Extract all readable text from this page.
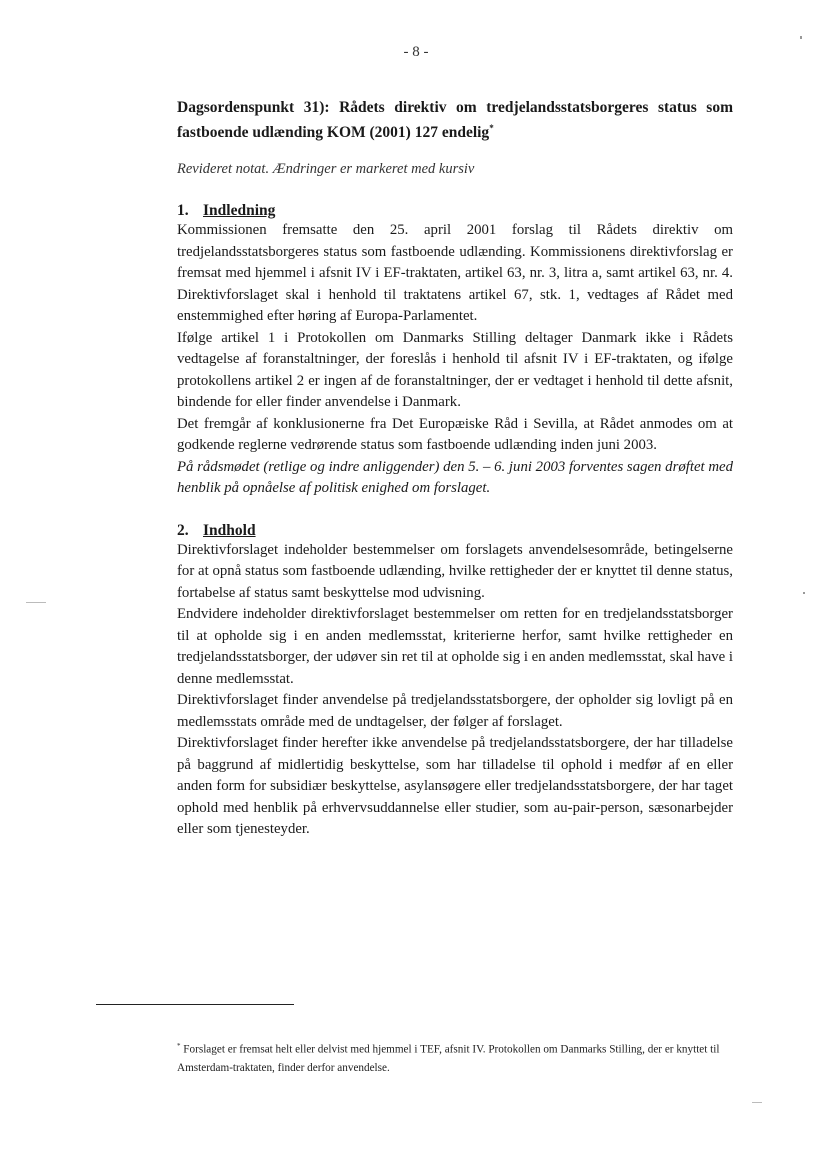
- 8 -
Dagsordenspunkt 31): Rådets direktiv om tredjelandsstatsborgeres status som fastboende udlænding KOM (2001) 127 endelig*
Revideret notat. Ændringer er markeret med kursiv
1. Indledning

Kommissionen fremsatte den 25. april 2001 forslag til Rådets direktiv om tredjelandsstatsborgeres status som fastboende udlænding. Kommissionens direktivforslag er fremsat med hjemmel i afsnit IV i EF-traktaten, artikel 63, nr. 3, litra a, samt artikel 63, nr. 4. Direktivforslaget skal i henhold til traktatens artikel 67, stk. 1, vedtages af Rådet med enstemmighed efter høring af Europa-Parlamentet.

Ifølge artikel 1 i Protokollen om Danmarks Stilling deltager Danmark ikke i Rådets vedtagelse af foranstaltninger, der foreslås i henhold til afsnit IV i EF-traktaten, og ifølge protokollens artikel 2 er ingen af de foranstaltninger, der er vedtaget i henhold til dette afsnit, bindende for eller finder anvendelse i Danmark.

Det fremgår af konklusionerne fra Det Europæiske Råd i Sevilla, at Rådet anmodes om at godkende reglerne vedrørende status som fastboende udlænding inden juni 2003.

På rådsmødet (retlige og indre anliggender) den 5. – 6. juni 2003 forventes sagen drøftet med henblik på opnåelse af politisk enighed om forslaget.

2. Indhold

Direktivforslaget indeholder bestemmelser om forslagets anvendelsesområde, betingelserne for at opnå status som fastboende udlænding, hvilke rettigheder der er knyttet til denne status, fortabelse af status samt beskyttelse mod udvisning.

Endvidere indeholder direktivforslaget bestemmelser om retten for en tredjelandsstatsborger til at opholde sig i en anden medlemsstat, kriterierne herfor, samt hvilke rettigheder en tredjelandsstatsborger, der udøver sin ret til at opholde sig i en anden medlemsstat, skal have i denne medlemsstat.

Direktivforslaget finder anvendelse på tredjelandsstatsborgere, der opholder sig lovligt på en medlemsstats område med de undtagelser, der følger af forslaget.

Direktivforslaget finder herefter ikke anvendelse på tredjelandsstatsborgere, der har tilladelse på baggrund af midlertidig beskyttelse, som har tilladelse til ophold i medfør af en eller anden form for subsidiær beskyttelse, asylansøgere eller tredjelandsstatsborgere, der har taget ophold med henblik på erhvervsuddannelse eller studier, som au-pair-person, sæsonarbejder eller som tjenesteyder.

* Forslaget er fremsat helt eller delvist med hjemmel i TEF, afsnit IV. Protokollen om Danmarks Stilling, der er knyttet til Amsterdam-traktaten, finder derfor anvendelse.
